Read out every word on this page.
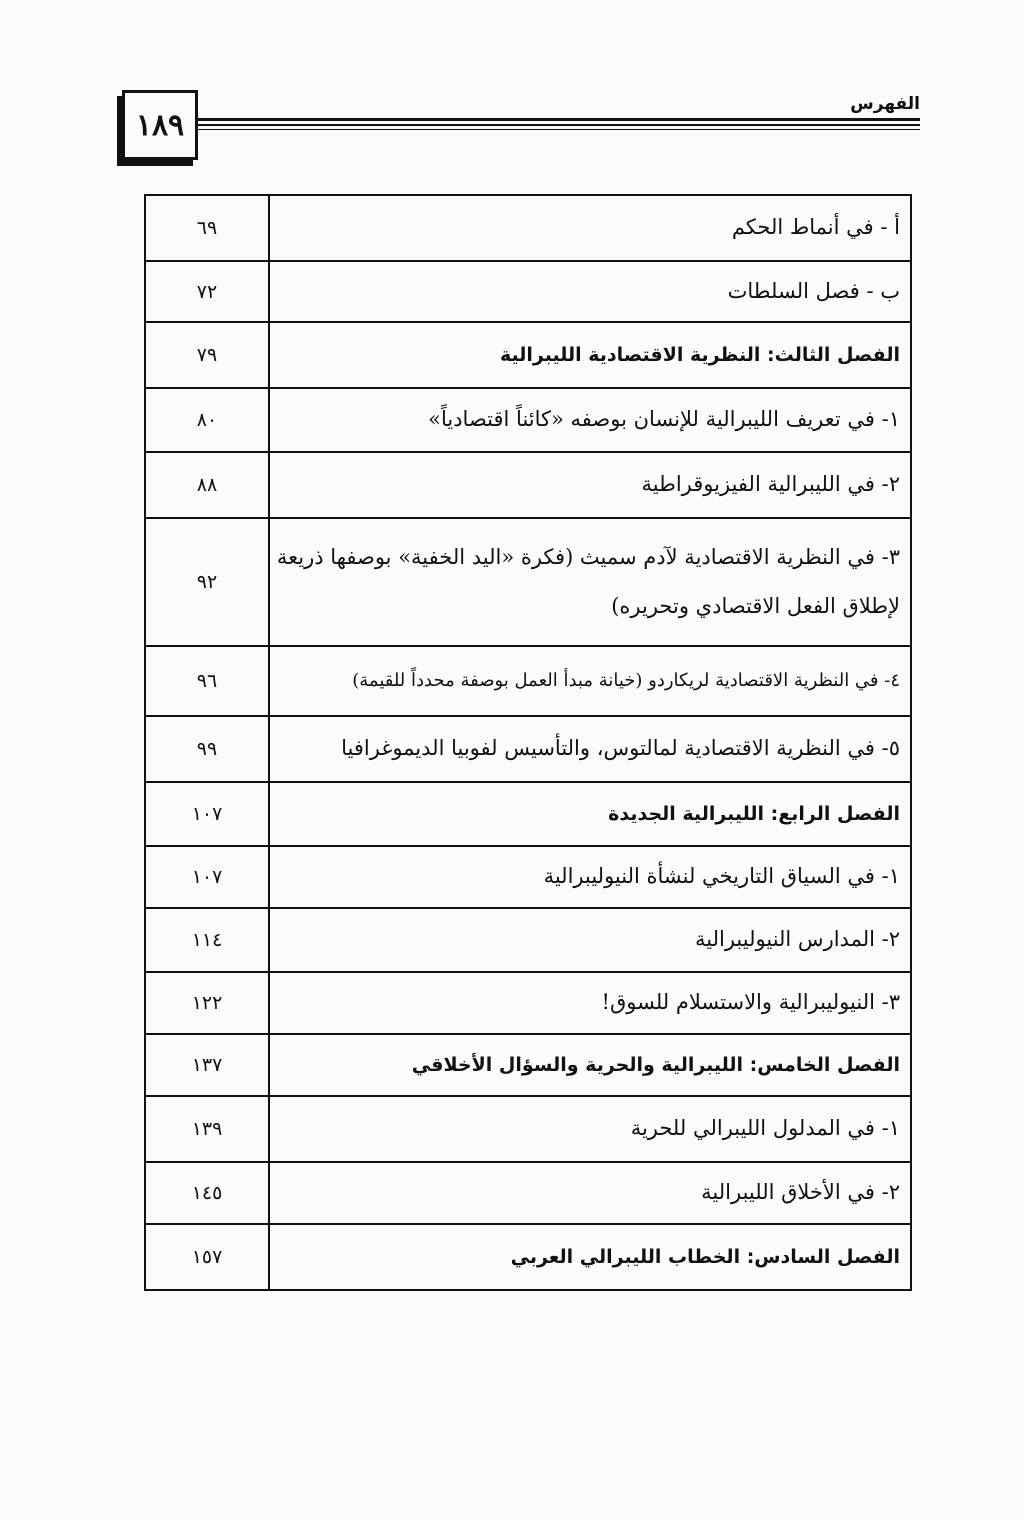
١٨٩
الفهرس
أ - في أنماط الحكم	٦٩
ب - فصل السلطات	٧٢
الفصل الثالث: النظرية الاقتصادية الليبرالية	٧٩
١- في تعريف الليبرالية للإنسان بوصفه «كائناً اقتصادياً»	٨٠
٢- في الليبرالية الفيزيوقراطية	٨٨
٣- في النظرية الاقتصادية لآدم سميث (فكرة «اليد الخفية» بوصفها ذريعة لإطلاق الفعل الاقتصادي وتحريره)	٩٢
٤- في النظرية الاقتصادية لريكاردو (خيانة مبدأ العمل بوصفة محدداً للقيمة)	٩٦
٥- في النظرية الاقتصادية لمالتوس، والتأسيس لفوبيا الديموغرافيا	٩٩
الفصل الرابع: الليبرالية الجديدة	١٠٧
١- في السياق التاريخي لنشأة النيوليبرالية	١٠٧
٢- المدارس النيوليبرالية	١١٤
٣- النيوليبرالية والاستسلام للسوق!	١٢٢
الفصل الخامس: الليبرالية والحرية والسؤال الأخلاقي	١٣٧
١- في المدلول الليبرالي للحرية	١٣٩
٢- في الأخلاق الليبرالية	١٤٥
الفصل السادس: الخطاب الليبرالي العربي	١٥٧
